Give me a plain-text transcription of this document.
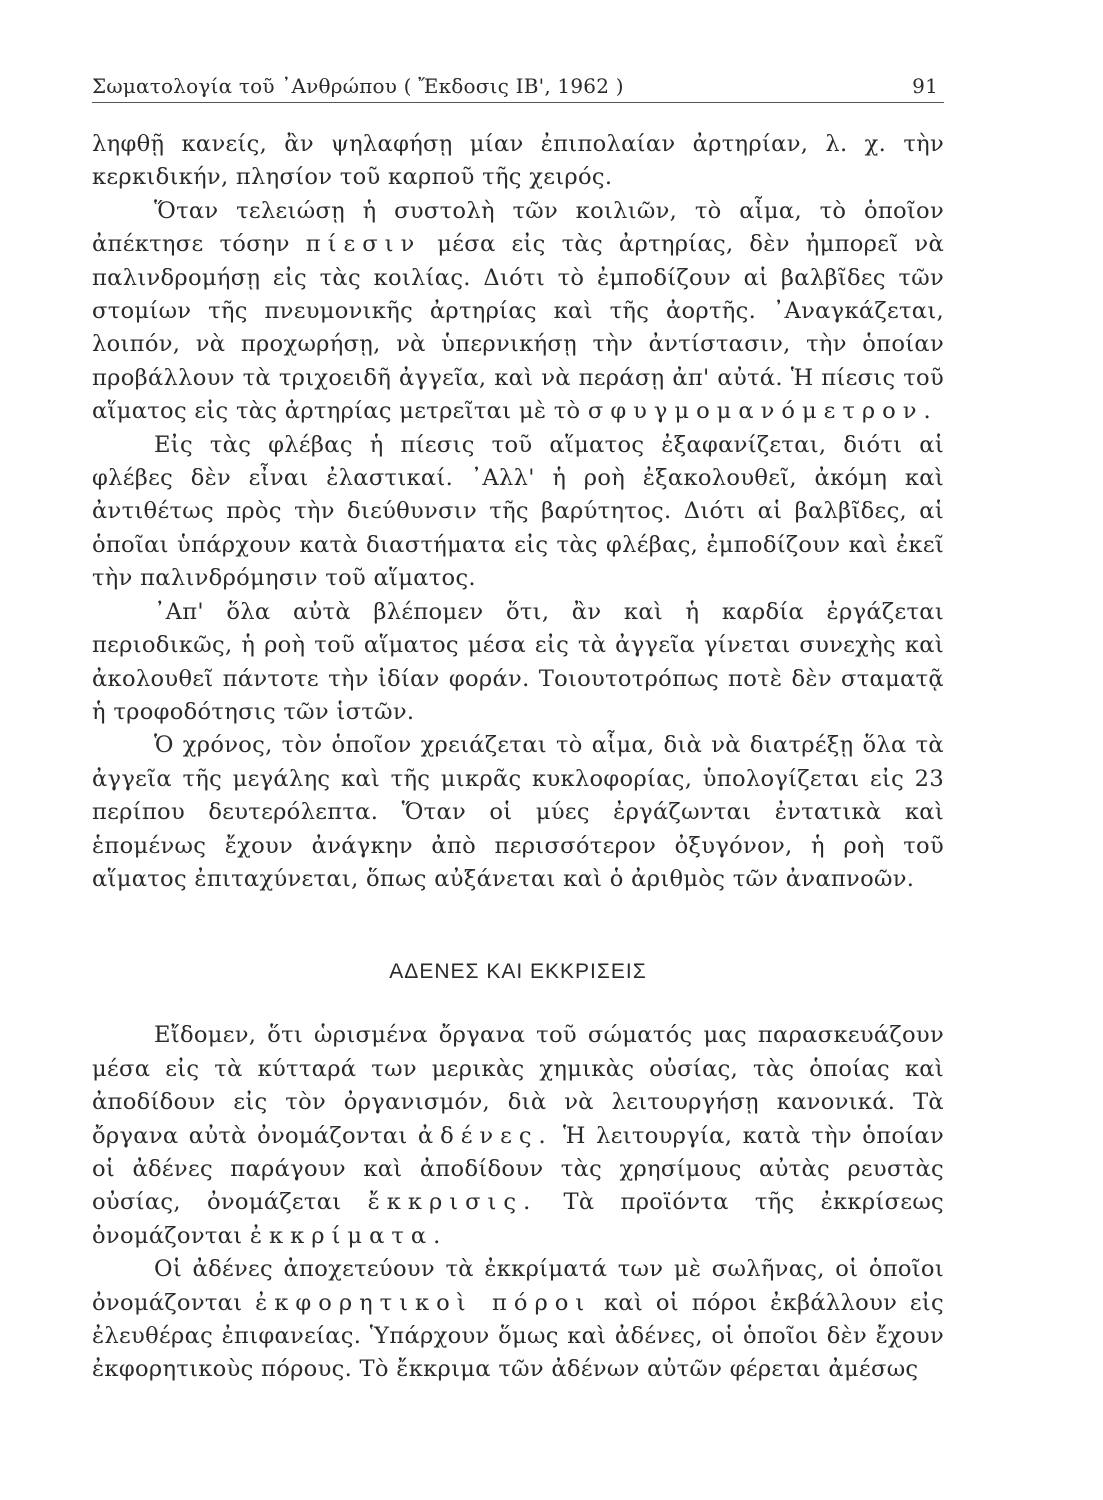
Σωματολογία τοῦ ᾿Ανθρώπου ( Ἔκδοσις ΙΒ', 1962 )	91

ληφθῇ κανείς, ἂν ψηλαφήσῃ μίαν ἐπιπολαίαν ἀρτηρίαν, λ. χ. τὴν κερκιδικήν, πλησίον τοῦ καρποῦ τῆς χειρός.

Ὅταν τελειώσῃ ἡ συστολὴ τῶν κοιλιῶν, τὸ αἷμα, τὸ ὁποῖον ἀπέκτησε τόσην πίεσιν μέσα εἰς τὰς ἀρτηρίας, δὲν ἠμπορεῖ νὰ παλινδρομήσῃ εἰς τὰς κοιλίας. Διότι τὸ ἐμποδίζουν αἱ βαλβῖδες τῶν στομίων τῆς πνευμονικῆς ἀρτηρίας καὶ τῆς ἀορτῆς. ᾿Αναγκάζεται, λοιπόν, νὰ προχωρήσῃ, νὰ ὑπερνικήσῃ τὴν ἀντίστασιν, τὴν ὁποίαν προβάλλουν τὰ τριχοειδῆ ἀγγεῖα, καὶ νὰ περάσῃ ἀπ' αὐτά. Ἡ πίεσις τοῦ αἵματος εἰς τὰς ἀρτηρίας μετρεῖται μὲ τὸ σφυγμομανόμετρον.

Εἰς τὰς φλέβας ἡ πίεσις τοῦ αἵματος ἐξαφανίζεται, διότι αἱ φλέβες δὲν εἶναι ἐλαστικαί. ᾿Αλλ' ἡ ροὴ ἐξακολουθεῖ, ἀκόμη καὶ ἀντιθέτως πρὸς τὴν διεύθυνσιν τῆς βαρύτητος. Διότι αἱ βαλβῖδες, αἱ ὁποῖαι ὑπάρχουν κατὰ διαστήματα εἰς τὰς φλέβας, ἐμποδίζουν καὶ ἐκεῖ τὴν παλινδρόμησιν τοῦ αἵματος.

᾿Απ' ὅλα αὐτὰ βλέπομεν ὅτι, ἂν καὶ ἡ καρδία ἐργάζεται περιοδικῶς, ἡ ροὴ τοῦ αἵματος μέσα εἰς τὰ ἀγγεῖα γίνεται συνεχὴς καὶ ἀκολουθεῖ πάντοτε τὴν ἰδίαν φοράν. Τοιουτοτρόπως ποτὲ δὲν σταματᾷ ἡ τροφοδότησις τῶν ἱστῶν.

Ὁ χρόνος, τὸν ὁποῖον χρειάζεται τὸ αἷμα, διὰ νὰ διατρέξῃ ὅλα τὰ ἀγγεῖα τῆς μεγάλης καὶ τῆς μικρᾶς κυκλοφορίας, ὑπολογίζεται εἰς 23 περίπου δευτερόλεπτα. Ὅταν οἱ μύες ἐργάζωνται ἐντατικὰ καὶ ἑπομένως ἔχουν ἀνάγκην ἀπὸ περισσότερον ὀξυγόνον, ἡ ροὴ τοῦ αἵματος ἐπιταχύνεται, ὅπως αὐξάνεται καὶ ὁ ἀριθμὸς τῶν ἀναπνοῶν.

ΑΔΕΝΕΣ ΚΑΙ ΕΚΚΡΙΣΕΙΣ

Εἴδομεν, ὅτι ὡρισμένα ὄργανα τοῦ σώματός μας παρασκευάζουν μέσα εἰς τὰ κύτταρά των μερικὰς χημικὰς οὐσίας, τὰς ὁποίας καὶ ἀποδίδουν εἰς τὸν ὀργανισμόν, διὰ νὰ λειτουργήσῃ κανονικά. Τὰ ὄργανα αὐτὰ ὀνομάζονται ἀδένες. Ἡ λειτουργία, κατὰ τὴν ὁποίαν οἱ ἀδένες παράγουν καὶ ἀποδίδουν τὰς χρησίμους αὐτὰς ρευστὰς οὐσίας, ὀνομάζεται ἔκκρισις. Τὰ προϊόντα τῆς ἐκκρίσεως ὀνομάζονται ἐκκρίματα.

Οἱ ἀδένες ἀποχετεύουν τὰ ἐκκρίματά των μὲ σωλῆνας, οἱ ὁποῖοι ὀνομάζονται ἐκφορητικοὶ πόροι καὶ οἱ πόροι ἐκβάλλουν εἰς ἐλευθέρας ἐπιφανείας. Ὑπάρχουν ὅμως καὶ ἀδένες, οἱ ὁποῖοι δὲν ἔχουν ἐκφορητικοὺς πόρους. Τὸ ἔκκριμα τῶν ἀδένων αὐτῶν φέρεται ἀμέσως
